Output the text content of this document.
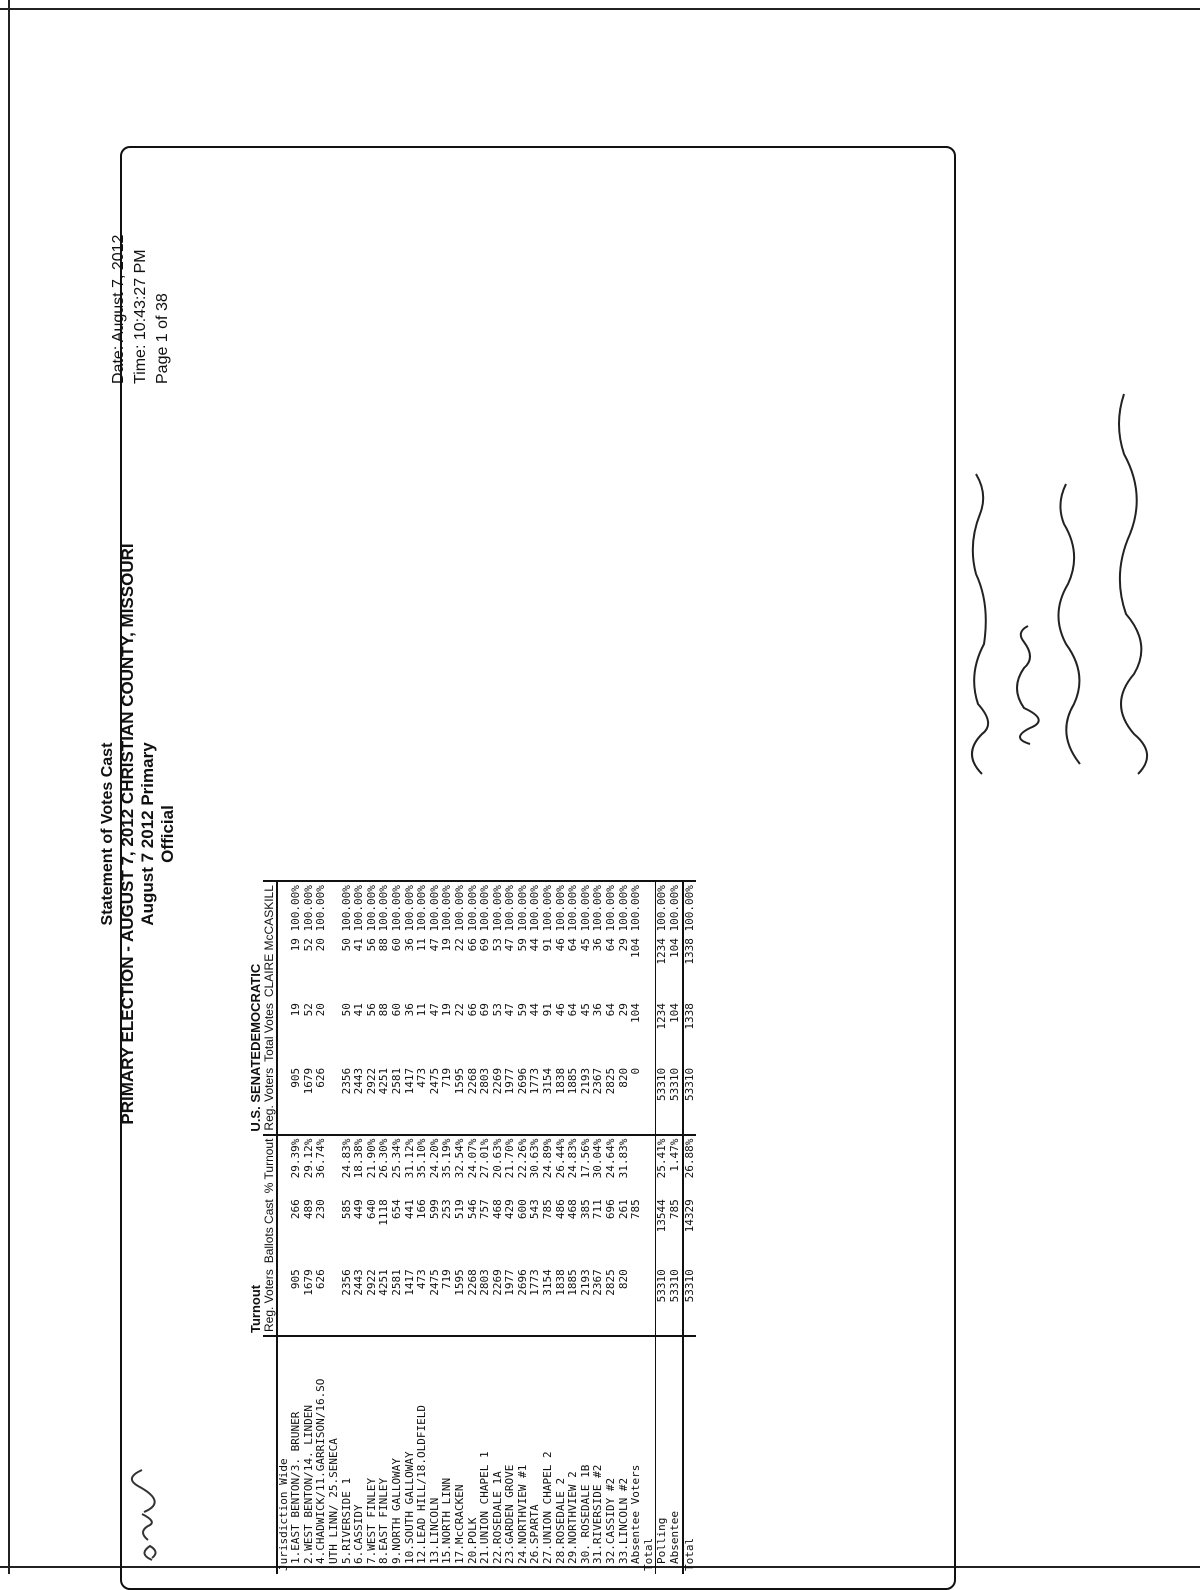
Statement of Votes Cast PRIMARY ELECTION - AUGUST 7, 2012 CHRISTIAN COUNTY, MISSOURI August 7 2012 Primary Official
Date: August 7, 2012 Time: 10:43:27 PM Page 1 of 38
	Turnout			U.S. SENATEDEMOCRATIC		
	Reg. Voters	Ballots Cast	% Turnout	Reg. Voters	Total Votes	CLAIRE McCASKILL
Jurisdiction Wide						
1.EAST BENTON/3. BRUNER	905	266	29.39%	905	19	19 100.00%
2.WEST BENTON/14. LINDEN	1679	489	29.12%	1679	52	52 100.00%
4.CHADWICK/11.GARRISON/16.SO	626	230	36.74%	626	20	20 100.00%
UTH LINN/ 25.SENECA						
5.RIVERSIDE 1	2356	585	24.83%	2356	50	50 100.00%
6.CASSIDY	2443	449	18.38%	2443	41	41 100.00%
7.WEST FINLEY	2922	640	21.90%	2922	56	56 100.00%
8.EAST FINLEY	4251	1118	26.30%	4251	88	88 100.00%
9.NORTH GALLOWAY	2581	654	25.34%	2581	60	60 100.00%
10.SOUTH GALLOWAY	1417	441	31.12%	1417	36	36 100.00%
12.LEAD HILL/18.OLDFIELD	473	166	35.10%	473	11	11 100.00%
13.LINCOLN	2475	599	24.20%	2475	47	47 100.00%
15.NORTH LINN	719	253	35.19%	719	19	19 100.00%
17.McCRACKEN	1595	519	32.54%	1595	22	22 100.00%
20.POLK	2268	546	24.07%	2268	66	66 100.00%
21.UNION CHAPEL 1	2803	757	27.01%	2803	69	69 100.00%
22.ROSEDALE 1A	2269	468	20.63%	2269	53	53 100.00%
23.GARDEN GROVE	1977	429	21.70%	1977	47	47 100.00%
24.NORTHVIEW #1	2696	600	22.26%	2696	59	59 100.00%
26.SPARTA	1773	543	30.63%	1773	44	44 100.00%
27.UNION CHAPEL 2	3154	785	24.89%	3154	91	91 100.00%
28.ROSEDALE 2	1838	486	26.44%	1838	46	46 100.00%
29.NORTHVIEW 2	1885	468	24.83%	1885	64	64 100.00%
30. ROSEDALE 1B	2193	385	17.56%	2193	45	45 100.00%
31.RIVERSIDE #2	2367	711	30.04%	2367	36	36 100.00%
32.CASSIDY #2	2825	696	24.64%	2825	64	64 100.00%
33.LINCOLN #2	820	261	31.83%	820	29	29 100.00%
Absentee Voters		785		0	104	104 100.00%
Total						
Polling	53310	13544	25.41%	53310	1234	1234 100.00%
Absentee	53310	785	1.47%	53310	104	104 100.00%
Total	53310	14329	26.88%	53310	1338	1338 100.00%
